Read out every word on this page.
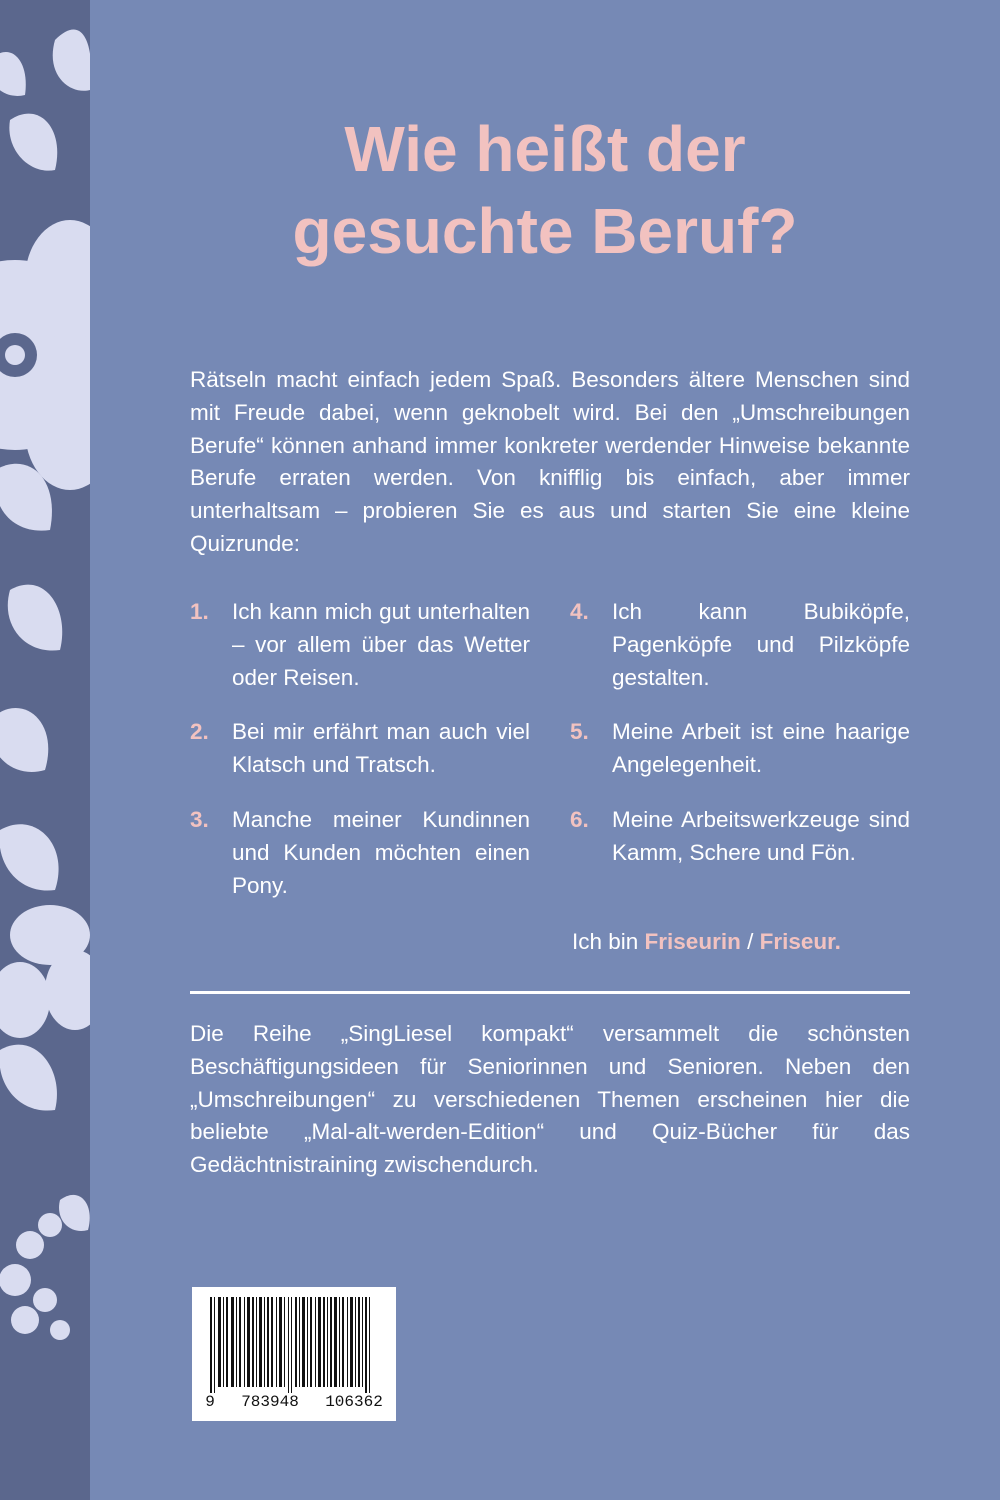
Wie heißt der
gesuchte Beruf?

Rätseln macht einfach jedem Spaß. Besonders ältere Menschen sind mit Freude dabei, wenn geknobelt wird. Bei den „Umschreibungen Berufe“ können anhand immer konkreter werdender Hinweise bekannte Berufe erraten werden. Von knifflig bis einfach, aber immer unterhaltsam – probieren Sie es aus und starten Sie eine kleine Quizrunde:

1. Ich kann mich gut unterhalten – vor allem über das Wetter oder Reisen.
2. Bei mir erfährt man auch viel Klatsch und Tratsch.
3. Manche meiner Kundinnen und Kunden möchten einen Pony.
4. Ich kann Bubiköpfe, Pagenköpfe und Pilzköpfe gestalten.
5. Meine Arbeit ist eine haarige Angelegenheit.
6. Meine Arbeitswerkzeuge sind Kamm, Schere und Fön.
Ich bin Friseurin / Friseur.

Die Reihe „SingLiesel kompakt“ versammelt die schönsten Beschäftigungsideen für Seniorinnen und Senioren. Neben den „Umschreibungen“ zu verschiedenen Themen erscheinen hier die beliebte „Mal-alt-werden-Edition“ und Quiz-Bücher für das Gedächtnistraining zwischendurch.

9 783948 106362
